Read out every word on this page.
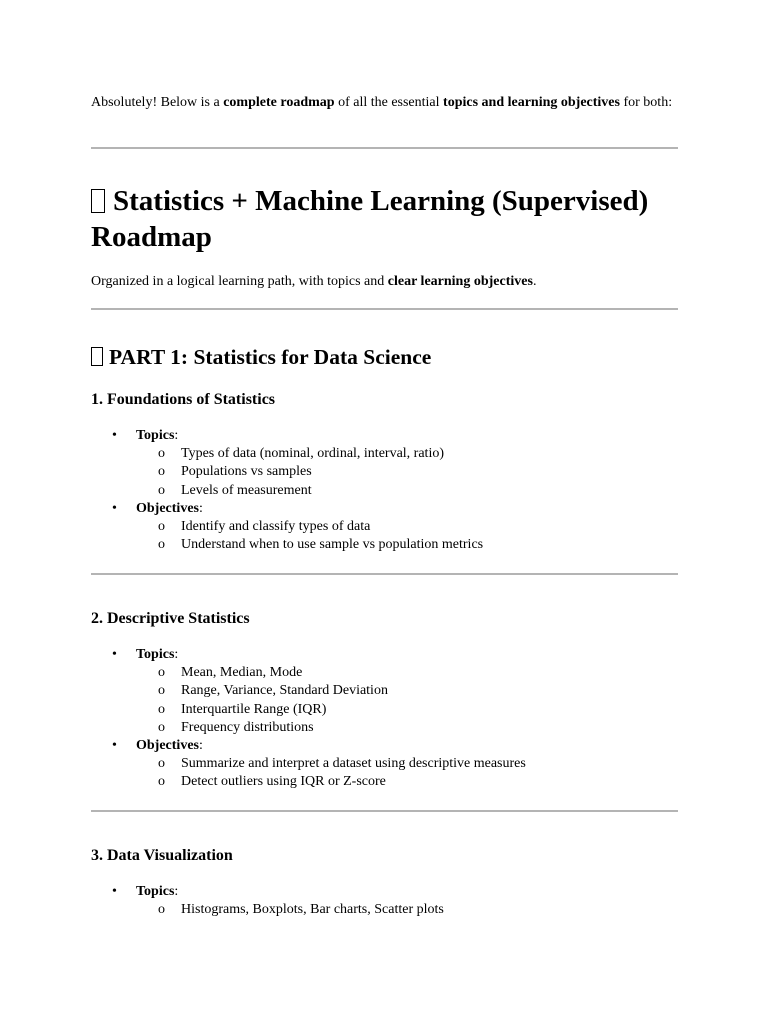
Absolutely! Below is a complete roadmap of all the essential topics and learning objectives for both:
Statistics + Machine Learning (Supervised) Roadmap
Organized in a logical learning path, with topics and clear learning objectives.
PART 1: Statistics for Data Science
1. Foundations of Statistics
• Topics:
o Types of data (nominal, ordinal, interval, ratio)
o Populations vs samples
o Levels of measurement
• Objectives:
o Identify and classify types of data
o Understand when to use sample vs population metrics
2. Descriptive Statistics
• Topics:
o Mean, Median, Mode
o Range, Variance, Standard Deviation
o Interquartile Range (IQR)
o Frequency distributions
• Objectives:
o Summarize and interpret a dataset using descriptive measures
o Detect outliers using IQR or Z-score
3. Data Visualization
• Topics:
o Histograms, Boxplots, Bar charts, Scatter plots
